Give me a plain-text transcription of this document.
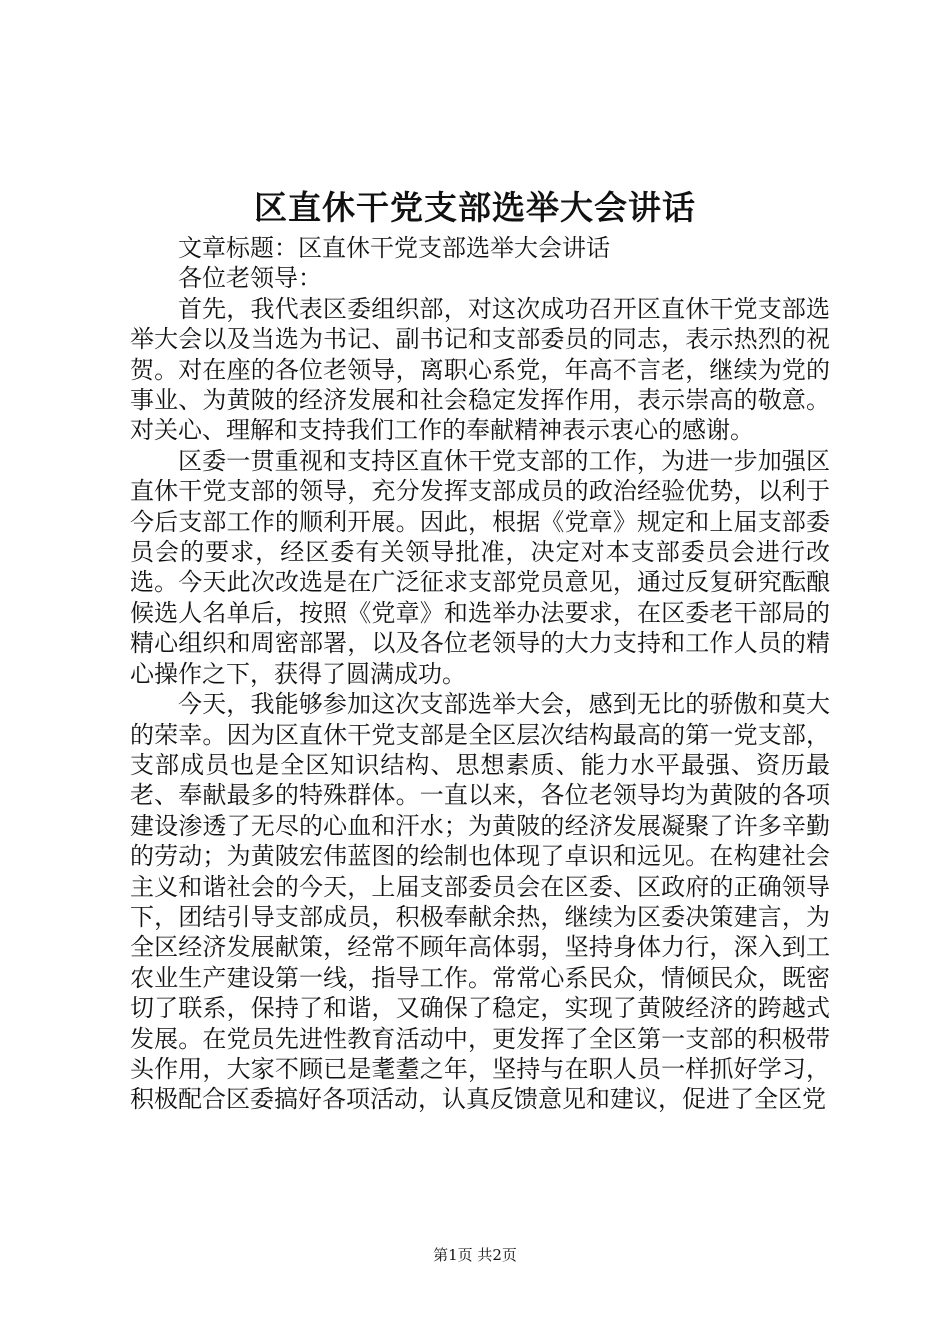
区直休干党支部选举大会讲话

文章标题：区直休干党支部选举大会讲话

各位老领导：

首先，我代表区委组织部，对这次成功召开区直休干党支部选举大会以及当选为书记、副书记和支部委员的同志，表示热烈的祝贺。对在座的各位老领导，离职心系党，年高不言老，继续为党的事业、为黄陂的经济发展和社会稳定发挥作用，表示崇高的敬意。对关心、理解和支持我们工作的奉献精神表示衷心的感谢。

区委一贯重视和支持区直休干党支部的工作，为进一步加强区直休干党支部的领导，充分发挥支部成员的政治经验优势，以利于今后支部工作的顺利开展。因此，根据《党章》规定和上届支部委员会的要求，经区委有关领导批准，决定对本支部委员会进行改选。今天此次改选是在广泛征求支部党员意见，通过反复研究酝酿候选人名单后，按照《党章》和选举办法要求，在区委老干部局的精心组织和周密部署，以及各位老领导的大力支持和工作人员的精心操作之下，获得了圆满成功。

今天，我能够参加这次支部选举大会，感到无比的骄傲和莫大的荣幸。因为区直休干党支部是全区层次结构最高的第一党支部，支部成员也是全区知识结构、思想素质、能力水平最强、资历最老、奉献最多的特殊群体。一直以来，各位老领导均为黄陂的各项建设渗透了无尽的心血和汗水；为黄陂的经济发展凝聚了许多辛勤的劳动；为黄陂宏伟蓝图的绘制也体现了卓识和远见。在构建社会主义和谐社会的今天，上届支部委员会在区委、区政府的正确领导下，团结引导支部成员，积极奉献余热，继续为区委决策建言，为全区经济发展献策，经常不顾年高体弱，坚持身体力行，深入到工农业生产建设第一线，指导工作。常常心系民众，情倾民众，既密切了联系，保持了和谐，又确保了稳定，实现了黄陂经济的跨越式发展。在党员先进性教育活动中，更发挥了全区第一支部的积极带头作用，大家不顾已是耄耋之年，坚持与在职人员一样抓好学习，积极配合区委搞好各项活动，认真反馈意见和建议，促进了全区党

第1页 共2页
